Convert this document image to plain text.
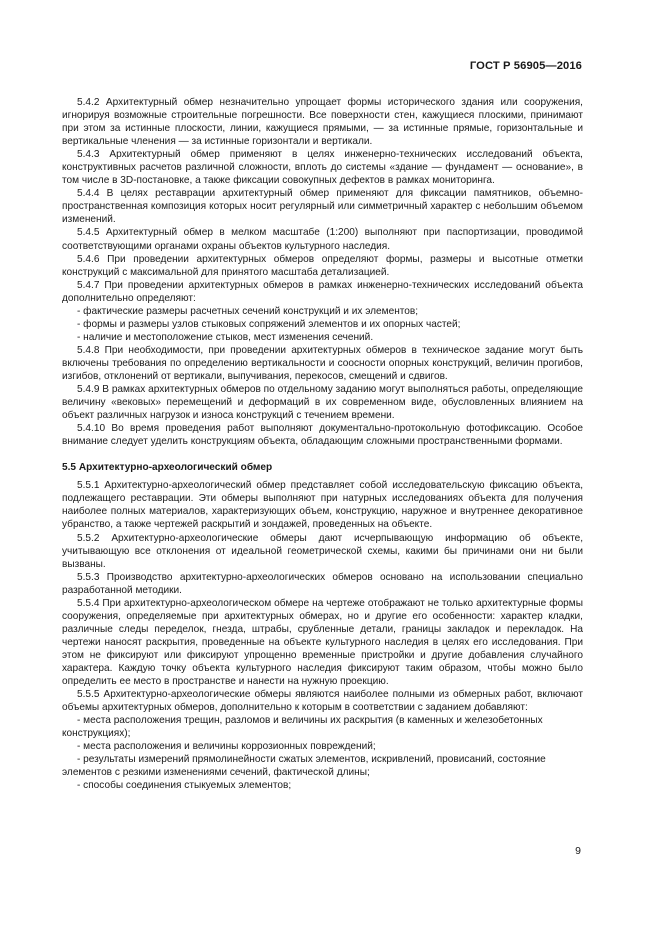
ГОСТ Р 56905—2016

5.4.2 Архитектурный обмер незначительно упрощает формы исторического здания или сооружения, игнорируя возможные строительные погрешности. Все поверхности стен, кажущиеся плоскими, принимают при этом за истинные плоскости, линии, кажущиеся прямыми, — за истинные прямые, горизонтальные и вертикальные членения — за истинные горизонтали и вертикали.

5.4.3 Архитектурный обмер применяют в целях инженерно-технических исследований объекта, конструктивных расчетов различной сложности, вплоть до системы «здание — фундамент — основание», в том числе в 3D-постановке, а также фиксации совокупных дефектов в рамках мониторинга.

5.4.4 В целях реставрации архитектурный обмер применяют для фиксации памятников, объемно-пространственная композиция которых носит регулярный или симметричный характер с небольшим объемом изменений.

5.4.5 Архитектурный обмер в мелком масштабе (1:200) выполняют при паспортизации, проводимой соответствующими органами охраны объектов культурного наследия.

5.4.6 При проведении архитектурных обмеров определяют формы, размеры и высотные отметки конструкций с максимальной для принятого масштаба детализацией.

5.4.7 При проведении архитектурных обмеров в рамках инженерно-технических исследований объекта дополнительно определяют:

- фактические размеры расчетных сечений конструкций и их элементов;

- формы и размеры узлов стыковых сопряжений элементов и их опорных частей;

- наличие и местоположение стыков, мест изменения сечений.

5.4.8 При необходимости, при проведении архитектурных обмеров в техническое задание могут быть включены требования по определению вертикальности и соосности опорных конструкций, величин прогибов, изгибов, отклонений от вертикали, выпучивания, перекосов, смещений и сдвигов.

5.4.9 В рамках архитектурных обмеров по отдельному заданию могут выполняться работы, определяющие величину «вековых» перемещений и деформаций в их современном виде, обусловленных влиянием на объект различных нагрузок и износа конструкций с течением времени.

5.4.10 Во время проведения работ выполняют документально-протокольную фотофиксацию. Особое внимание следует уделить конструкциям объекта, обладающим сложными пространственными формами.

5.5 Архитектурно-археологический обмер

5.5.1 Архитектурно-археологический обмер представляет собой исследовательскую фиксацию объекта, подлежащего реставрации. Эти обмеры выполняют при натурных исследованиях объекта для получения наиболее полных материалов, характеризующих объем, конструкцию, наружное и внутреннее декоративное убранство, а также чертежей раскрытий и зондажей, проведенных на объекте.

5.5.2 Архитектурно-археологические обмеры дают исчерпывающую информацию об объекте, учитывающую все отклонения от идеальной геометрической схемы, какими бы причинами они ни были вызваны.

5.5.3 Производство архитектурно-археологических обмеров основано на использовании специально разработанной методики.

5.5.4 При архитектурно-археологическом обмере на чертеже отображают не только архитектурные формы сооружения, определяемые при архитектурных обмерах, но и другие его особенности: характер кладки, различные следы переделок, гнезда, штрабы, срубленные детали, границы закладок и перекладок. На чертежи наносят раскрытия, проведенные на объекте культурного наследия в целях его исследования. При этом не фиксируют или фиксируют упрощенно временные пристройки и другие добавления случайного характера. Каждую точку объекта культурного наследия фиксируют таким образом, чтобы можно было определить ее место в пространстве и нанести на нужную проекцию.

5.5.5 Архитектурно-археологические обмеры являются наиболее полными из обмерных работ, включают объемы архитектурных обмеров, дополнительно к которым в соответствии с заданием добавляют:

- места расположения трещин, разломов и величины их раскрытия (в каменных и железобетонных конструкциях);

- места расположения и величины коррозионных повреждений;

- результаты измерений прямолинейности сжатых элементов, искривлений, провисаний, состояние элементов с резкими изменениями сечений, фактической длины;

- способы соединения стыкуемых элементов;

9
